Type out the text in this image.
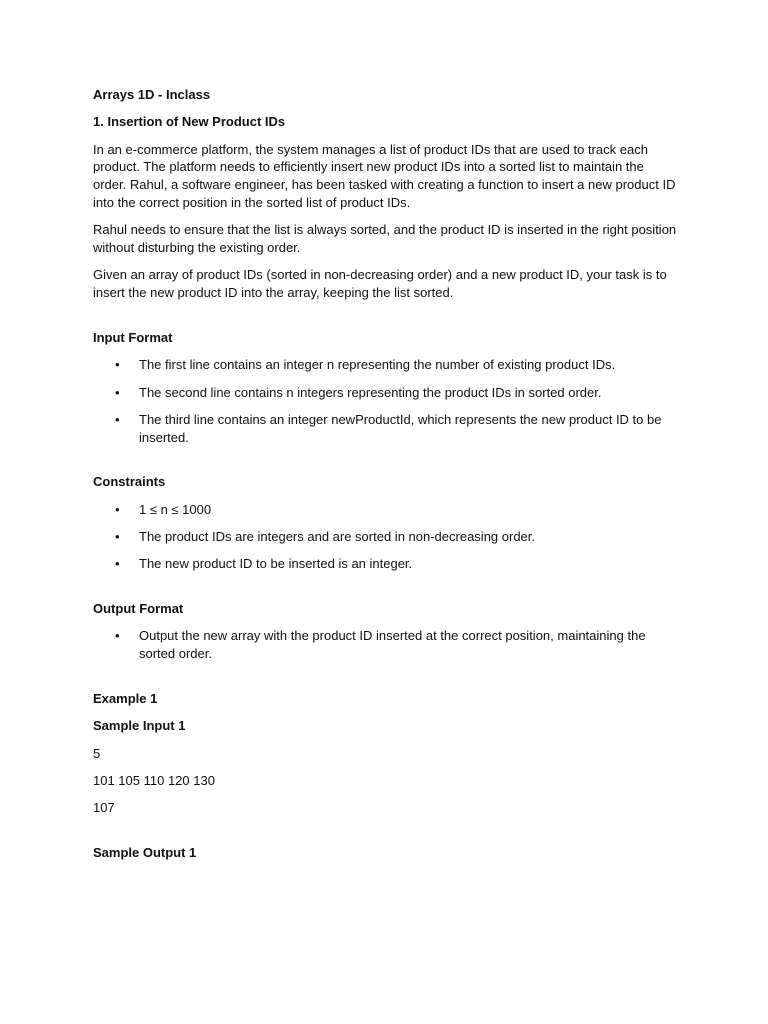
Arrays 1D - Inclass

1. Insertion of New Product IDs

In an e-commerce platform, the system manages a list of product IDs that are used to track each product. The platform needs to efficiently insert new product IDs into a sorted list to maintain the order. Rahul, a software engineer, has been tasked with creating a function to insert a new product ID into the correct position in the sorted list of product IDs.

Rahul needs to ensure that the list is always sorted, and the product ID is inserted in the right position without disturbing the existing order.

Given an array of product IDs (sorted in non-decreasing order) and a new product ID, your task is to insert the new product ID into the array, keeping the list sorted.

Input Format

• The first line contains an integer n representing the number of existing product IDs.
• The second line contains n integers representing the product IDs in sorted order.
• The third line contains an integer newProductId, which represents the new product ID to be inserted.

Constraints

• 1 ≤ n ≤ 1000
• The product IDs are integers and are sorted in non-decreasing order.
• The new product ID to be inserted is an integer.

Output Format

• Output the new array with the product ID inserted at the correct position, maintaining the sorted order.

Example 1

Sample Input 1

5

101 105 110 120 130

107

Sample Output 1
